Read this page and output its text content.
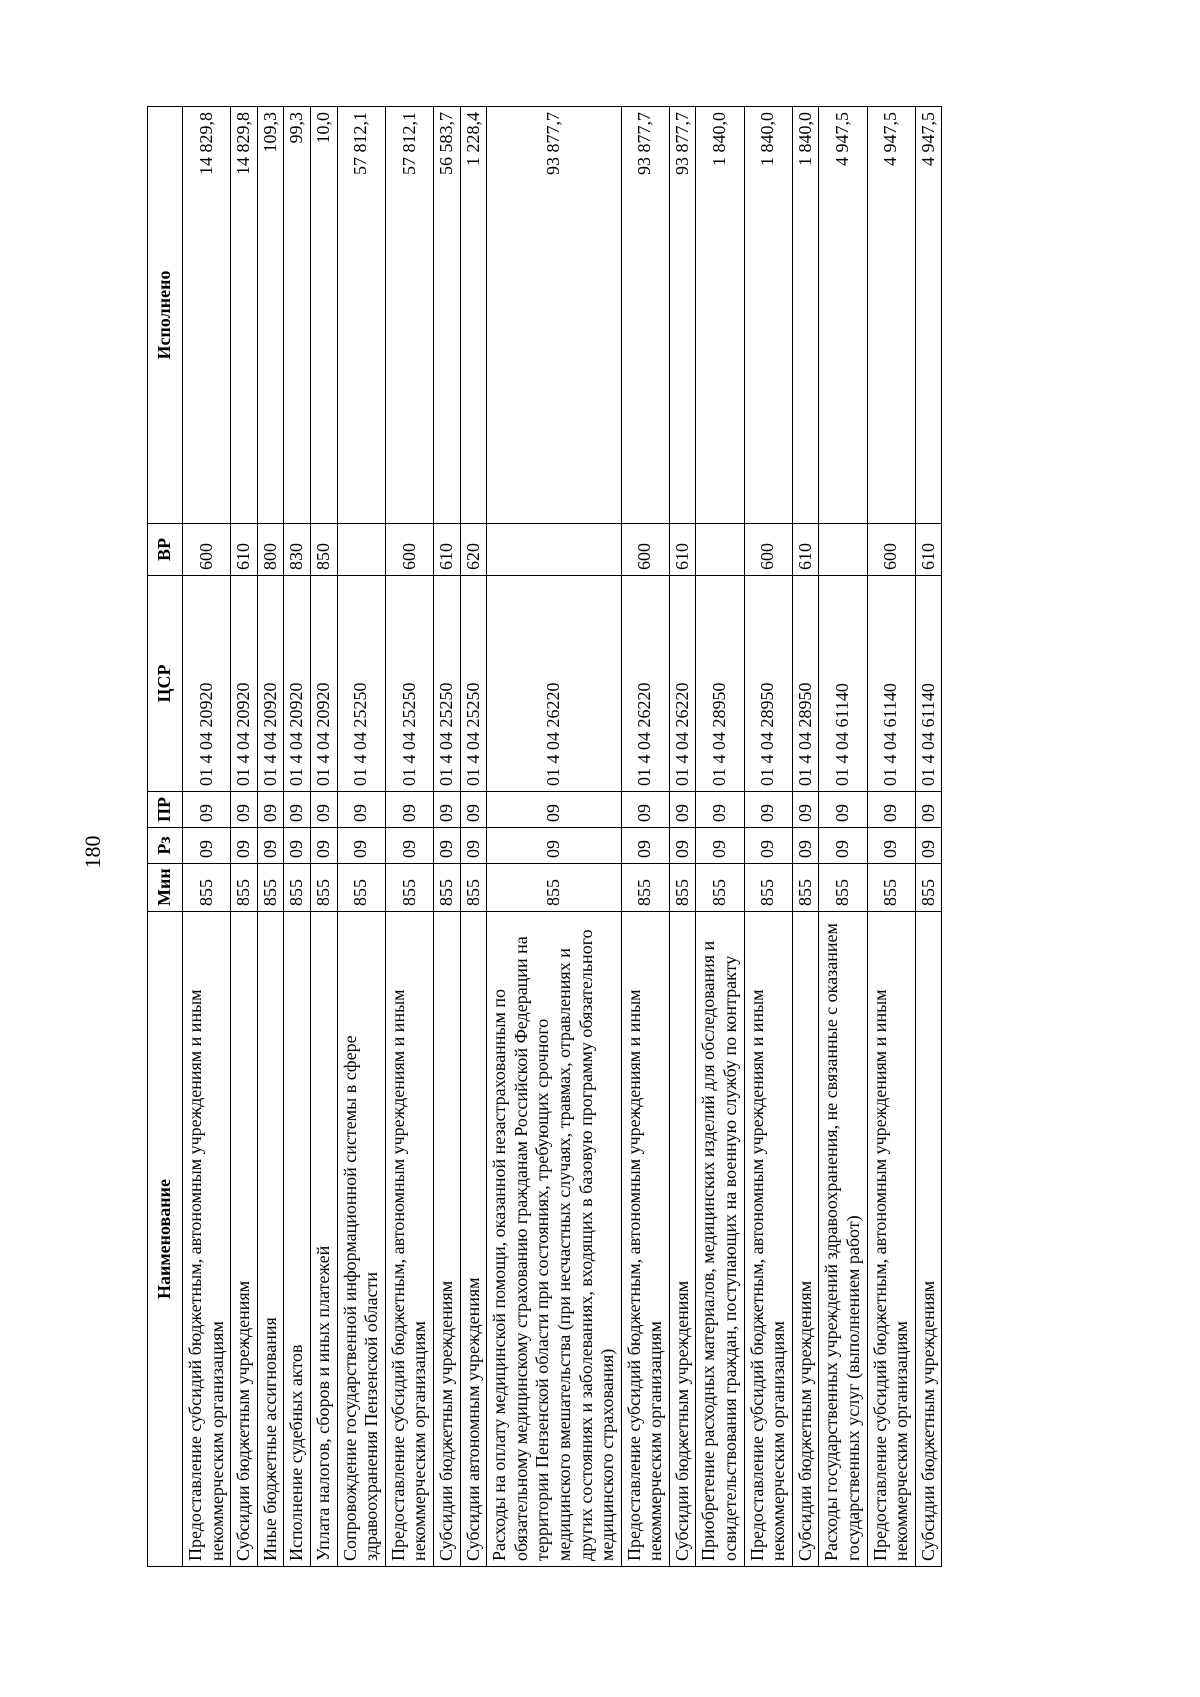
180
Наименование	Мин	Рз	ПР	ЦСР	ВР	Исполнено
Предоставление субсидий бюджетным, автономным учреждениям и иным некоммерческим организациям	855	09	09	01 4 04 20920	600	14 829,8
Субсидии бюджетным учреждениям	855	09	09	01 4 04 20920	610	14 829,8
Иные бюджетные ассигнования	855	09	09	01 4 04 20920	800	109,3
Исполнение судебных актов	855	09	09	01 4 04 20920	830	99,3
Уплата налогов, сборов и иных платежей	855	09	09	01 4 04 20920	850	10,0
Сопровождение государственной информационной системы в сфере здравоохранения Пензенской области	855	09	09	01 4 04 25250		57 812,1
Предоставление субсидий бюджетным, автономным учреждениям и иным некоммерческим организациям	855	09	09	01 4 04 25250	600	57 812,1
Субсидии бюджетным учреждениям	855	09	09	01 4 04 25250	610	56 583,7
Субсидии автономным учреждениям	855	09	09	01 4 04 25250	620	1 228,4
Расходы на оплату медицинской помощи, оказанной незастрахованным по обязательному медицинскому страхованию гражданам Российской Федерации на территории Пензенской области при состояниях, требующих срочного медицинского вмешательства (при несчастных случаях, травмах, отравлениях и других состояниях и заболеваниях, входящих в базовую программу обязательного медицинского страхования)	855	09	09	01 4 04 26220		93 877,7
Предоставление субсидий бюджетным, автономным учреждениям и иным некоммерческим организациям	855	09	09	01 4 04 26220	600	93 877,7
Субсидии бюджетным учреждениям	855	09	09	01 4 04 26220	610	93 877,7
Приобретение расходных материалов, медицинских изделий для обследования и освидетельствования граждан, поступающих на военную службу по контракту	855	09	09	01 4 04 28950		1 840,0
Предоставление субсидий бюджетным, автономным учреждениям и иным некоммерческим организациям	855	09	09	01 4 04 28950	600	1 840,0
Субсидии бюджетным учреждениям	855	09	09	01 4 04 28950	610	1 840,0
Расходы государственных учреждений здравоохранения, не связанные с оказанием государственных услуг (выполнением работ)	855	09	09	01 4 04 61140		4 947,5
Предоставление субсидий бюджетным, автономным учреждениям и иным некоммерческим организациям	855	09	09	01 4 04 61140	600	4 947,5
Субсидии бюджетным учреждениям	855	09	09	01 4 04 61140	610	4 947,5
